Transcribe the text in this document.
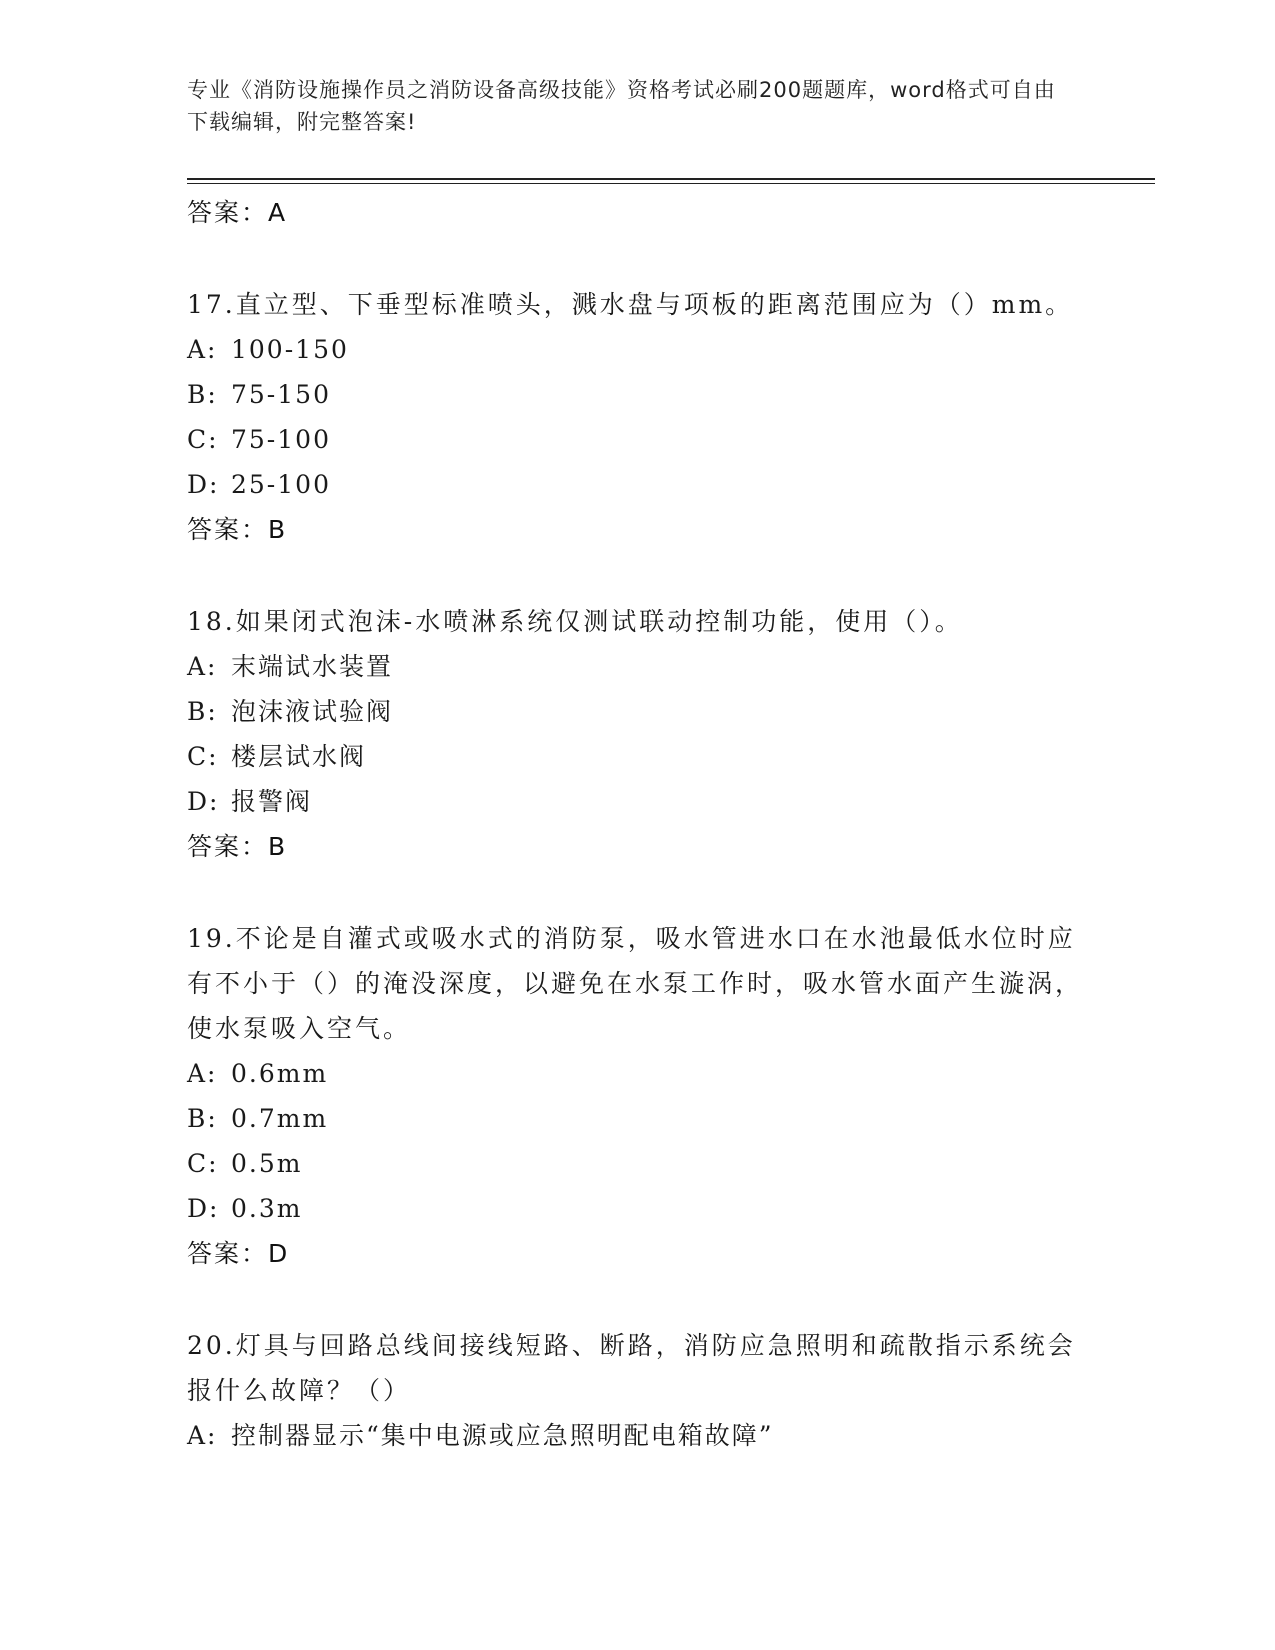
专业《消防设施操作员之消防设备高级技能》资格考试必刷200题题库，word格式可自由下载编辑，附完整答案!
答案：A
17.直立型、下垂型标准喷头，溅水盘与项板的距离范围应为（）mm。
A: 100-150
B: 75-150
C: 75-100
D: 25-100
答案：B
18.如果闭式泡沫-水喷淋系统仅测试联动控制功能，使用（）。
A: 末端试水装置
B: 泡沫液试验阀
C: 楼层试水阀
D: 报警阀
答案：B
19.不论是自灌式或吸水式的消防泵，吸水管进水口在水池最低水位时应有不小于（）的淹没深度，以避免在水泵工作时，吸水管水面产生漩涡，使水泵吸入空气。
A: 0.6mm
B: 0.7mm
C: 0.5m
D: 0.3m
答案：D
20.灯具与回路总线间接线短路、断路，消防应急照明和疏散指示系统会报什么故障？（）
A: 控制器显示“集中电源或应急照明配电箱故障”
